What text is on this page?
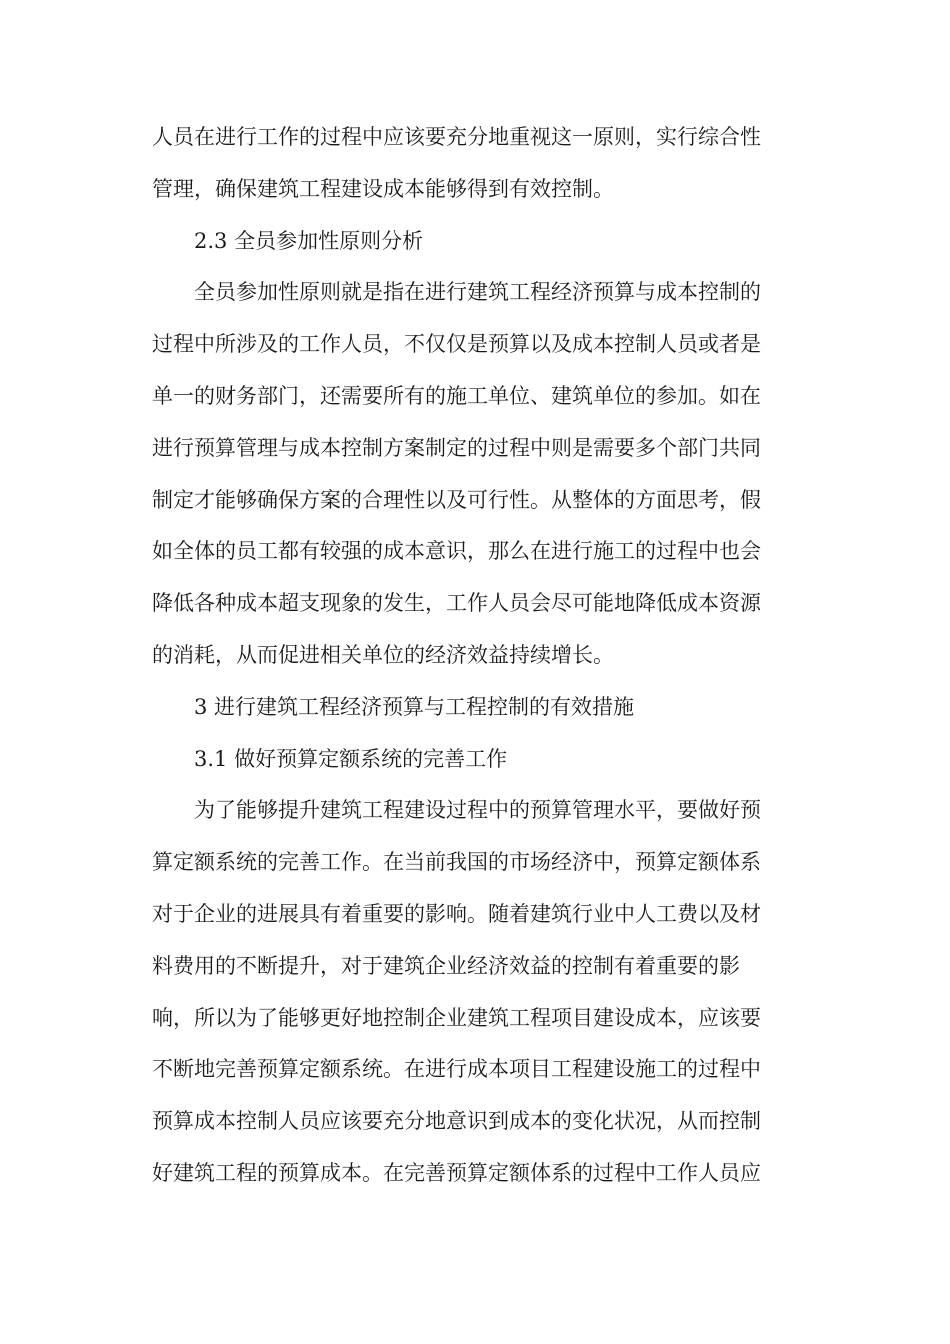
人员在进行工作的过程中应该要充分地重视这一原则，实行综合性
管理，确保建筑工程建设成本能够得到有效控制。
2.3 全员参加性原则分析
全员参加性原则就是指在进行建筑工程经济预算与成本控制的
过程中所涉及的工作人员，不仅仅是预算以及成本控制人员或者是
单一的财务部门，还需要所有的施工单位、建筑单位的参加。如在
进行预算管理与成本控制方案制定的过程中则是需要多个部门共同
制定才能够确保方案的合理性以及可行性。从整体的方面思考，假
如全体的员工都有较强的成本意识，那么在进行施工的过程中也会
降低各种成本超支现象的发生，工作人员会尽可能地降低成本资源
的消耗，从而促进相关单位的经济效益持续增长。
3 进行建筑工程经济预算与工程控制的有效措施
3.1 做好预算定额系统的完善工作
为了能够提升建筑工程建设过程中的预算管理水平，要做好预
算定额系统的完善工作。在当前我国的市场经济中，预算定额体系
对于企业的进展具有着重要的影响。随着建筑行业中人工费以及材
料费用的不断提升，对于建筑企业经济效益的控制有着重要的影
响，所以为了能够更好地控制企业建筑工程项目建设成本，应该要
不断地完善预算定额系统。在进行成本项目工程建设施工的过程中
预算成本控制人员应该要充分地意识到成本的变化状况，从而控制
好建筑工程的预算成本。在完善预算定额体系的过程中工作人员应
